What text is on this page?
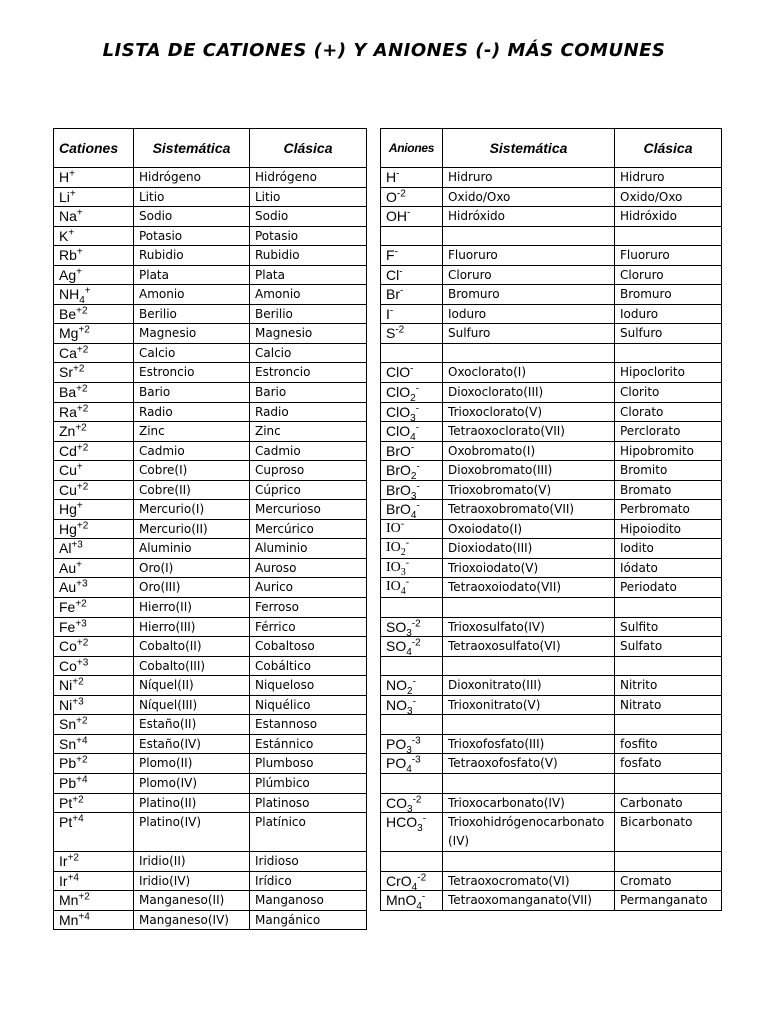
LISTA DE CATIONES (+) Y ANIONES (-) MÁS COMUNES
Cationes	Sistemática	Clásica
H+	Hidrógeno	Hidrógeno
Li+	Litio	Litio
Na+	Sodio	Sodio
K+	Potasio	Potasio
Rb+	Rubidio	Rubidio
Ag+	Plata	Plata
$NH_4^+$	Amonio	Amonio
$Be^{+2}$	Berilio	Berilio
$Mg^{+2}$	Magnesio	Magnesio
$Ca^{+2}$	Calcio	Calcio
$Sr^{+2}$	Estroncio	Estroncio
$Ba^{+2}$	Bario	Bario
$Ra^{+2}$	Radio	Radio
$Zn^{+2}$	Zinc	Zinc
$Cd^{+2}$	Cadmio	Cadmio
Cu+	Cobre(I)	Cuproso
$Cu^{+2}$	Cobre(II)	Cúprico
Hg+	Mercurio(I)	Mercurioso
$Hg^{+2}$	Mercurio(II)	Mercúrico
$Al^{+3}$	Aluminio	Aluminio
Au+	Oro(I)	Auroso
$Au^{+3}$	Oro(III)	Aurico
$Fe^{+2}$	Hierro(II)	Ferroso
$Fe^{+3}$	Hierro(III)	Férrico
$Co^{+2}$	Cobalto(II)	Cobaltoso
$Co^{+3}$	Cobalto(III)	Cobáltico
$Ni^{+2}$	Níquel(II)	Niqueloso
$Ni^{+3}$	Níquel(III)	Niquélico
$Sn^{+2}$	Estaño(II)	Estannoso
$Sn^{+4}$	Estaño(IV)	Estánnico
$Pb^{+2}$	Plomo(II)	Plumboso
$Pb^{+4}$	Plomo(IV)	Plúmbico
$Pt^{+2}$	Platino(II)	Platinoso
$Pt^{+4}$	Platino(IV)	Platínico
$Ir^{+2}$	Iridio(II)	Iridioso
$Ir^{+4}$	Iridio(IV)	Irídico
$Mn^{+2}$	Manganeso(II)	Manganoso
$Mn^{+4}$	Manganeso(IV)	Mangánico
Aniones	Sistemática	Clásica
H-	Hidruro	Hidruro
$O^{-2}$	Oxido/Oxo	Oxido/Oxo
OH-	Hidróxido	Hidróxido

F-	Fluoruro	Fluoruro
Cl-	Cloruro	Cloruro
Br-	Bromuro	Bromuro
I-	Ioduro	Ioduro
$S^{-2}$	Sulfuro	Sulfuro

ClO-	Oxoclorato(I)	Hipoclorito
ClO$_2$-	Dioxoclorato(III)	Clorito
ClO$_3$-	Trioxoclorato(V)	Clorato
ClO$_4$-	Tetraoxoclorato(VII)	Perclorato
BrO-	Oxobromato(I)	Hipobromito
BrO$_2$-	Dioxobromato(III)	Bromito
BrO$_3$-	Trioxobromato(V)	Bromato
BrO$_4$-	Tetraoxobromato(VII)	Perbromato
IO-	Oxoiodato(I)	Hipoiodito
$IO_2^-$	Dioxiodato(III)	Iodito
$IO_3^-$	Trioxoiodato(V)	Iódato
$IO_4^-$	Tetraoxoiodato(VII)	Periodato

$SO_3^{-2}$	Trioxosulfato(IV)	Sulfito
$SO_4^{-2}$	Tetraoxosulfato(VI)	Sulfato

$NO_2^-$	Dioxonitrato(III)	Nitrito
$NO_3^-$	Trioxonitrato(V)	Nitrato

$PO_3^{-3}$	Trioxofosfato(III)	fosfito
$PO_4^{-3}$	Tetraoxofosfato(V)	fosfato

$CO_3^{-2}$	Trioxocarbonato(IV)	Carbonato
$HCO_3^-$	Trioxohidrógenocarbonato(IV)	Bicarbonato

CrO$_4^{-2}$	Tetraoxocromato(VI)	Cromato
MnO$_4$-	Tetraoxomanganato(VII)	Permanganato
